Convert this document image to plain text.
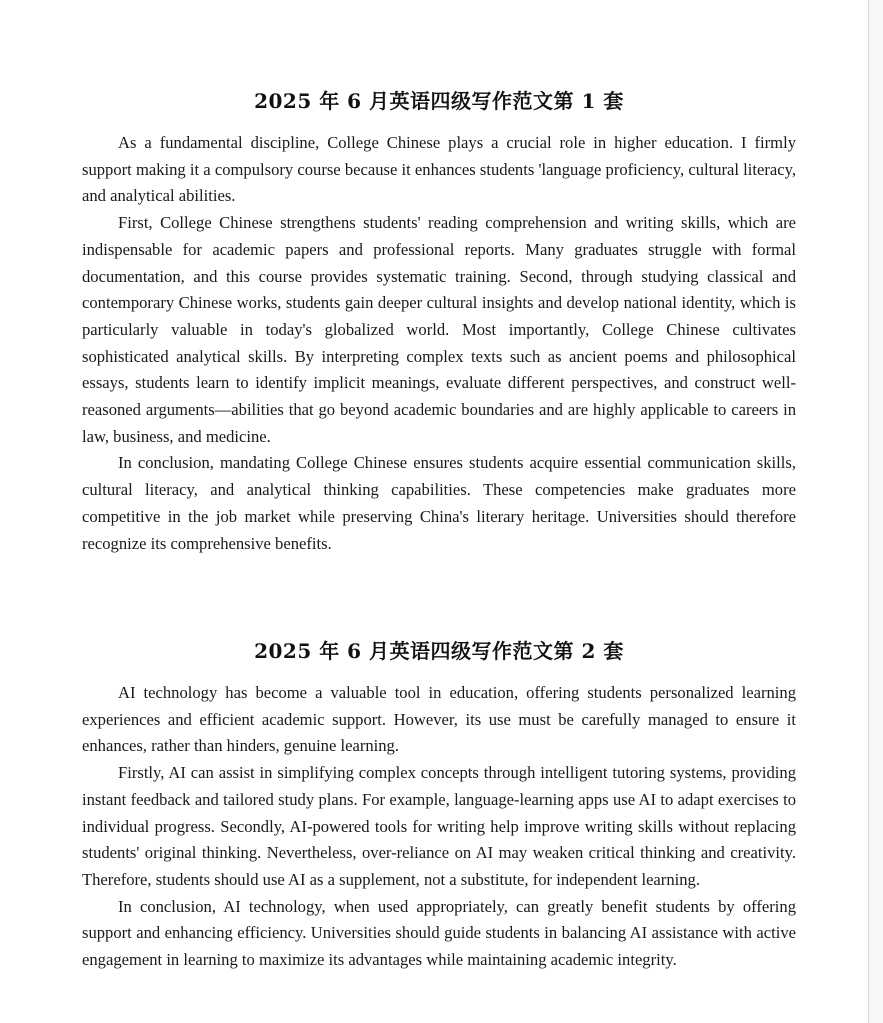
2025 年 6 月英语四级写作范文第 1 套

As a fundamental discipline, College Chinese plays a crucial role in higher education. I firmly support making it a compulsory course because it enhances students 'language proficiency, cultural literacy, and analytical abilities.

First, College Chinese strengthens students' reading comprehension and writing skills, which are indispensable for academic papers and professional reports. Many graduates struggle with formal documentation, and this course provides systematic training. Second, through studying classical and contemporary Chinese works, students gain deeper cultural insights and develop national identity, which is particularly valuable in today's globalized world. Most importantly, College Chinese cultivates sophisticated analytical skills. By interpreting complex texts such as ancient poems and philosophical essays, students learn to identify implicit meanings, evaluate different perspectives, and construct well-reasoned arguments—abilities that go beyond academic boundaries and are highly applicable to careers in law, business, and medicine.

In conclusion, mandating College Chinese ensures students acquire essential communication skills, cultural literacy, and analytical thinking capabilities. These competencies make graduates more competitive in the job market while preserving China's literary heritage. Universities should therefore recognize its comprehensive benefits.

2025 年 6 月英语四级写作范文第 2 套

AI technology has become a valuable tool in education, offering students personalized learning experiences and efficient academic support. However, its use must be carefully managed to ensure it enhances, rather than hinders, genuine learning.

Firstly, AI can assist in simplifying complex concepts through intelligent tutoring systems, providing instant feedback and tailored study plans. For example, language-learning apps use AI to adapt exercises to individual progress. Secondly, AI-powered tools for writing help improve writing skills without replacing students' original thinking. Nevertheless, over-reliance on AI may weaken critical thinking and creativity. Therefore, students should use AI as a supplement, not a substitute, for independent learning.

In conclusion, AI technology, when used appropriately, can greatly benefit students by offering support and enhancing efficiency. Universities should guide students in balancing AI assistance with active engagement in learning to maximize its advantages while maintaining academic integrity.
